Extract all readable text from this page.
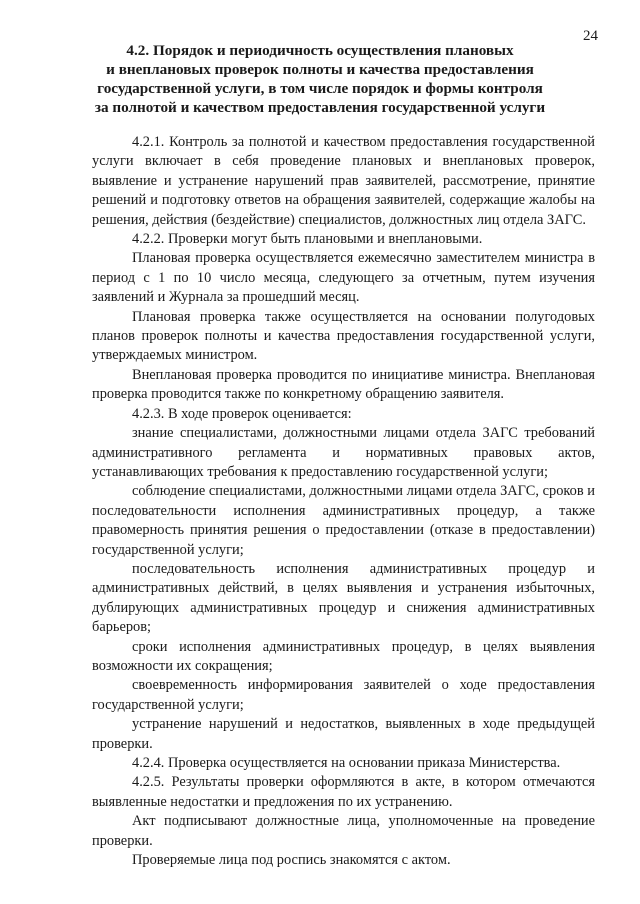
24
4.2. Порядок и периодичность осуществления плановых
и внеплановых проверок полноты и качества предоставления
государственной услуги, в том числе порядок и формы контроля
за полнотой и качеством предоставления государственной услуги

4.2.1. Контроль за полнотой и качеством предоставления государственной услуги включает в себя проведение плановых и внеплановых проверок, выявление и устранение нарушений прав заявителей, рассмотрение, принятие решений и подготовку ответов на обращения заявителей, содержащие жалобы на решения, действия (бездействие) специалистов, должностных лиц отдела ЗАГС.

4.2.2. Проверки могут быть плановыми и внеплановыми.

Плановая проверка осуществляется ежемесячно заместителем министра в период с 1 по 10 число месяца, следующего за отчетным, путем изучения заявлений и Журнала за прошедший месяц.

Плановая проверка также осуществляется на основании полугодовых планов проверок полноты и качества предоставления государственной услуги, утверждаемых министром.

Внеплановая проверка проводится по инициативе министра. Внеплановая проверка проводится также по конкретному обращению заявителя.

4.2.3. В ходе проверок оценивается:

знание специалистами, должностными лицами отдела ЗАГС требований административного регламента и нормативных правовых актов, устанавливающих требования к предоставлению государственной услуги;

соблюдение специалистами, должностными лицами отдела ЗАГС, сроков и последовательности исполнения административных процедур, а также правомерность принятия решения о предоставлении (отказе в предоставлении) государственной услуги;

последовательность исполнения административных процедур и административных действий, в целях выявления и устранения избыточных, дублирующих административных процедур и снижения административных барьеров;

сроки исполнения административных процедур, в целях выявления возможности их сокращения;

своевременность информирования заявителей о ходе предоставления государственной услуги;

устранение нарушений и недостатков, выявленных в ходе предыдущей проверки.

4.2.4. Проверка осуществляется на основании приказа Министерства.

4.2.5. Результаты проверки оформляются в акте, в котором отмечаются выявленные недостатки и предложения по их устранению.

Акт подписывают должностные лица, уполномоченные на проведение проверки.

Проверяемые лица под роспись знакомятся с актом.
